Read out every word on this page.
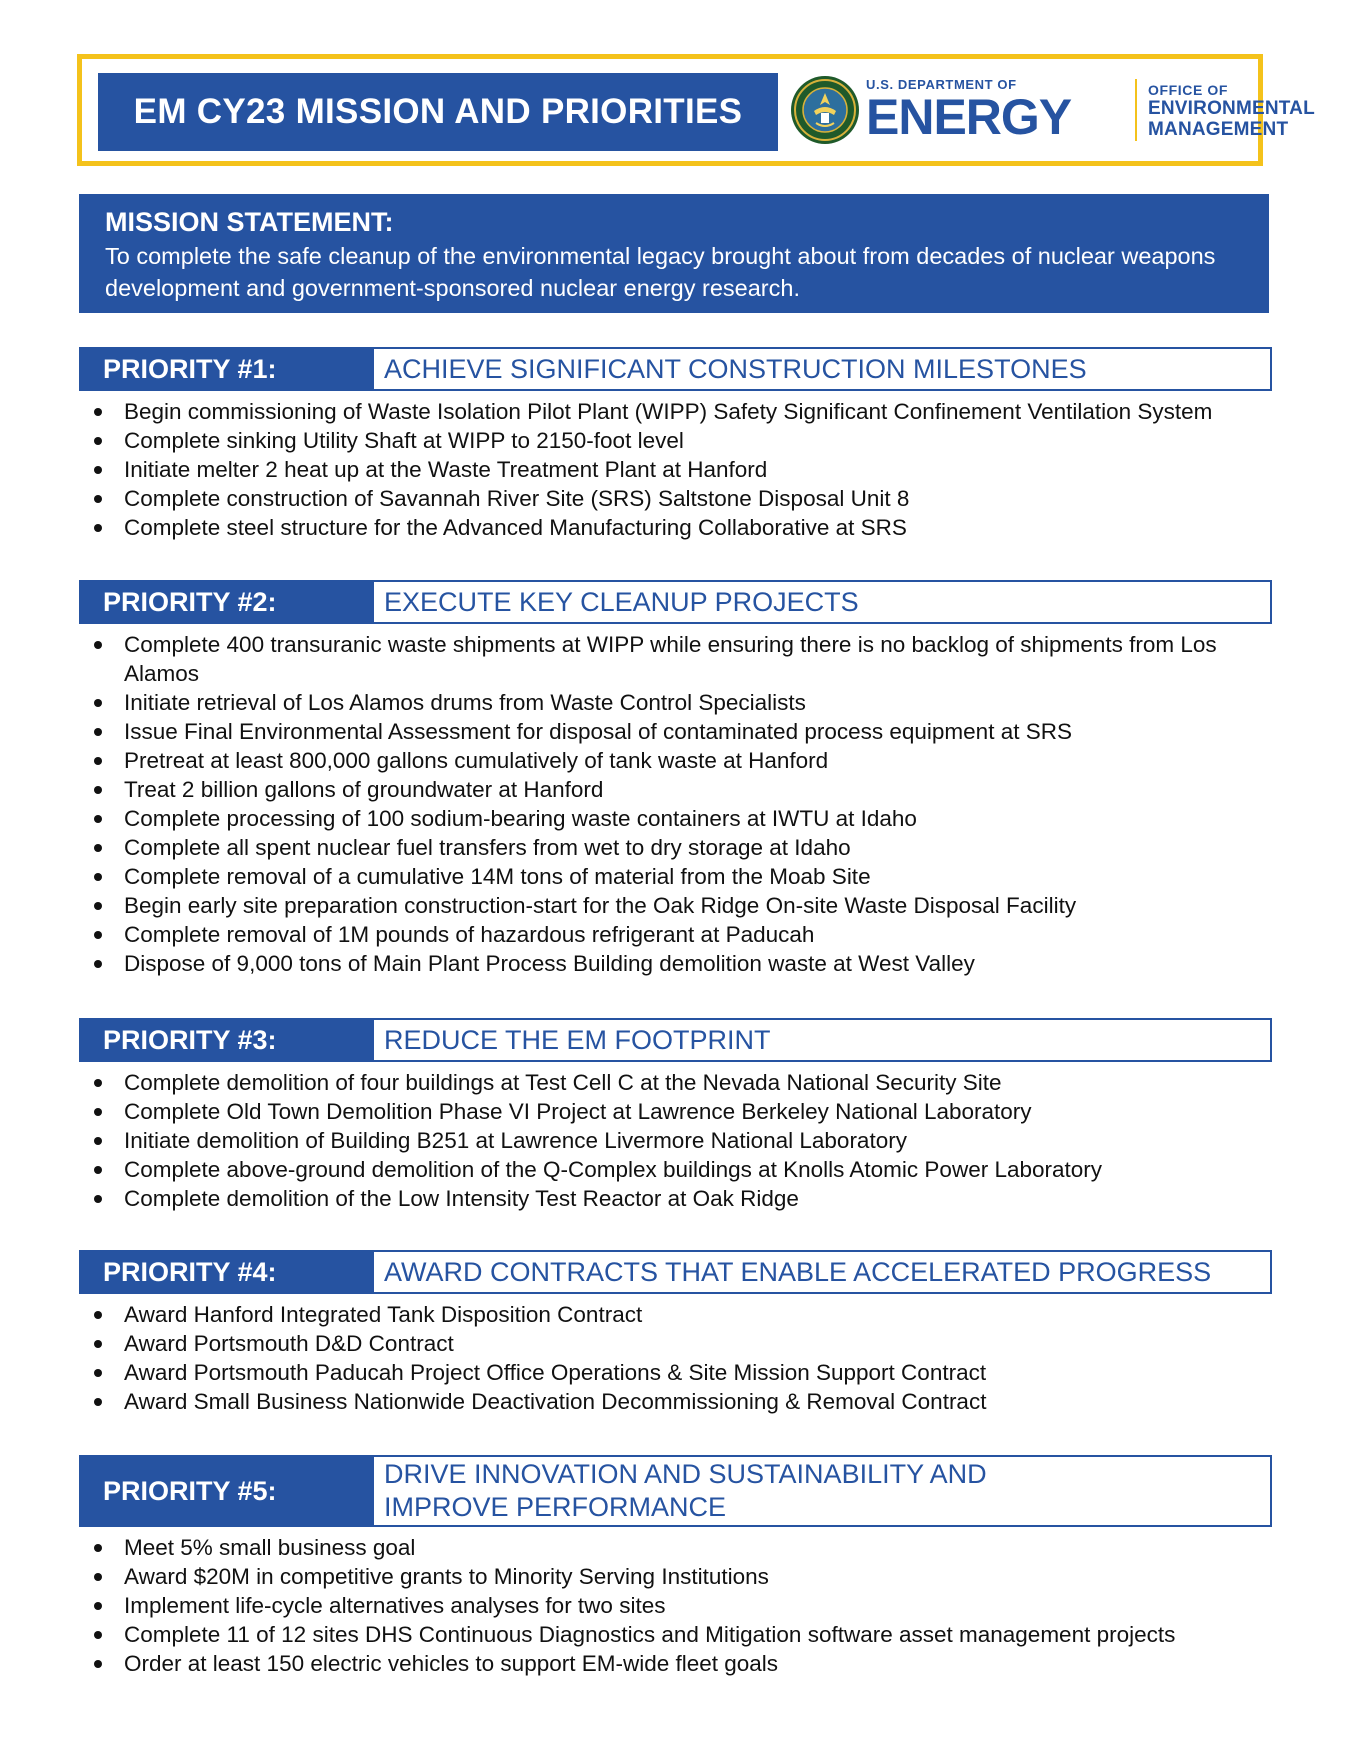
EM CY23 MISSION AND PRIORITIES
U.S. DEPARTMENT OF
ENERGY	OFFICE OF
ENVIRONMENTAL
MANAGEMENT
MISSION STATEMENT:
To complete the safe cleanup of the environmental legacy brought about from decades of nuclear weapons development and government-sponsored nuclear energy research.
PRIORITY #1:	ACHIEVE SIGNIFICANT CONSTRUCTION MILESTONES
Begin commissioning of Waste Isolation Pilot Plant (WIPP) Safety Significant Confinement Ventilation System
Complete sinking Utility Shaft at WIPP to 2150-foot level
Initiate melter 2 heat up at the Waste Treatment Plant at Hanford
Complete construction of Savannah River Site (SRS) Saltstone Disposal Unit 8
Complete steel structure for the Advanced Manufacturing Collaborative at SRS
PRIORITY #2:	EXECUTE KEY CLEANUP PROJECTS
Complete 400 transuranic waste shipments at WIPP while ensuring there is no backlog of shipments from Los Alamos
Initiate retrieval of Los Alamos drums from Waste Control Specialists
Issue Final Environmental Assessment for disposal of contaminated process equipment at SRS
Pretreat at least 800,000 gallons cumulatively of tank waste at Hanford
Treat 2 billion gallons of groundwater at Hanford
Complete processing of 100 sodium-bearing waste containers at IWTU at Idaho
Complete all spent nuclear fuel transfers from wet to dry storage at Idaho
Complete removal of a cumulative 14M tons of material from the Moab Site
Begin early site preparation construction-start for the Oak Ridge On-site Waste Disposal Facility
Complete removal of 1M pounds of hazardous refrigerant at Paducah
Dispose of 9,000 tons of Main Plant Process Building demolition waste at West Valley
PRIORITY #3:	REDUCE THE EM FOOTPRINT
Complete demolition of four buildings at Test Cell C at the Nevada National Security Site
Complete Old Town Demolition Phase VI Project at Lawrence Berkeley National Laboratory
Initiate demolition of Building B251 at Lawrence Livermore National Laboratory
Complete above-ground demolition of the Q-Complex buildings at Knolls Atomic Power Laboratory
Complete demolition of the Low Intensity Test Reactor at Oak Ridge
PRIORITY #4:	AWARD CONTRACTS THAT ENABLE ACCELERATED PROGRESS
Award Hanford Integrated Tank Disposition Contract
Award Portsmouth D&D Contract
Award Portsmouth Paducah Project Office Operations & Site Mission Support Contract
Award Small Business Nationwide Deactivation Decommissioning & Removal Contract
PRIORITY #5:
DRIVE INNOVATION AND SUSTAINABILITY AND
IMPROVE PERFORMANCE
Meet 5% small business goal
Award $20M in competitive grants to Minority Serving Institutions
Implement life-cycle alternatives analyses for two sites
Complete 11 of 12 sites DHS Continuous Diagnostics and Mitigation software asset management projects
Order at least 150 electric vehicles to support EM-wide fleet goals
